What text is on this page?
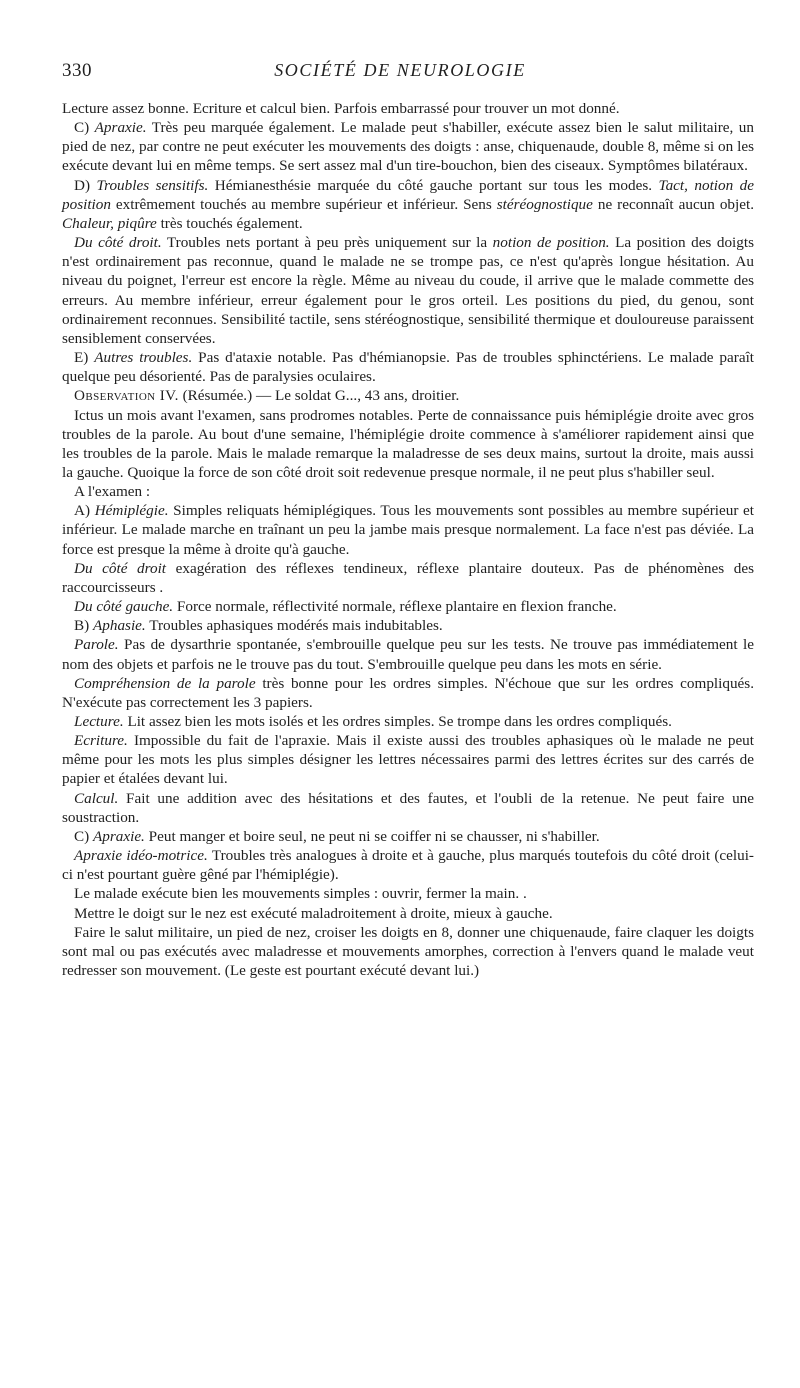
330	SOCIÉTÉ DE NEUROLOGIE

Lecture assez bonne. Ecriture et calcul bien. Parfois embarrassé pour trouver un mot donné.

C) Apraxie. Très peu marquée également. Le malade peut s'habiller, exécute assez bien le salut militaire, un pied de nez, par contre ne peut exécuter les mouvements des doigts : anse, chiquenaude, double 8, même si on les exécute devant lui en même temps. Se sert assez mal d'un tire-bouchon, bien des ciseaux. Symptômes bilatéraux.

D) Troubles sensitifs. Hémianesthésie marquée du côté gauche portant sur tous les modes. Tact, notion de position extrêmement touchés au membre supérieur et inférieur. Sens stéréognostique ne reconnaît aucun objet. Chaleur, piqûre très touchés également.

Du côté droit. Troubles nets portant à peu près uniquement sur la notion de position. La position des doigts n'est ordinairement pas reconnue, quand le malade ne se trompe pas, ce n'est qu'après longue hésitation. Au niveau du poignet, l'erreur est encore la règle. Même au niveau du coude, il arrive que le malade commette des erreurs. Au membre inférieur, erreur également pour le gros orteil. Les positions du pied, du genou, sont ordinairement reconnues. Sensibilité tactile, sens stéréognostique, sensibilité thermique et douloureuse paraissent sensiblement conservées.

E) Autres troubles. Pas d'ataxie notable. Pas d'hémianopsie. Pas de troubles sphinctériens. Le malade paraît quelque peu désorienté. Pas de paralysies oculaires.

Observation IV. (Résumée.) — Le soldat G..., 43 ans, droitier.

Ictus un mois avant l'examen, sans prodromes notables. Perte de connaissance puis hémiplégie droite avec gros troubles de la parole. Au bout d'une semaine, l'hémiplégie droite commence à s'améliorer rapidement ainsi que les troubles de la parole. Mais le malade remarque la maladresse de ses deux mains, surtout la droite, mais aussi la gauche. Quoique la force de son côté droit soit redevenue presque normale, il ne peut plus s'habiller seul.

A l'examen :

A) Hémiplégie. Simples reliquats hémiplégiques. Tous les mouvements sont possibles au membre supérieur et inférieur. Le malade marche en traînant un peu la jambe mais presque normalement. La face n'est pas déviée. La force est presque la même à droite qu'à gauche.

Du côté droit exagération des réflexes tendineux, réflexe plantaire douteux. Pas de phénomènes des raccourcisseurs .

Du côté gauche. Force normale, réflectivité normale, réflexe plantaire en flexion franche.

B) Aphasie. Troubles aphasiques modérés mais indubitables.

Parole. Pas de dysarthrie spontanée, s'embrouille quelque peu sur les tests. Ne trouve pas immédiatement le nom des objets et parfois ne le trouve pas du tout. S'embrouille quelque peu dans les mots en série.

Compréhension de la parole très bonne pour les ordres simples. N'échoue que sur les ordres compliqués. N'exécute pas correctement les 3 papiers.

Lecture. Lit assez bien les mots isolés et les ordres simples. Se trompe dans les ordres compliqués.

Ecriture. Impossible du fait de l'apraxie. Mais il existe aussi des troubles aphasiques où le malade ne peut même pour les mots les plus simples désigner les lettres nécessaires parmi des lettres écrites sur des carrés de papier et étalées devant lui.

Calcul. Fait une addition avec des hésitations et des fautes, et l'oubli de la retenue. Ne peut faire une soustraction.

C) Apraxie. Peut manger et boire seul, ne peut ni se coiffer ni se chausser, ni s'habiller.

Apraxie idéo-motrice. Troubles très analogues à droite et à gauche, plus marqués toutefois du côté droit (celui-ci n'est pourtant guère gêné par l'hémiplégie).

Le malade exécute bien les mouvements simples : ouvrir, fermer la main. .

Mettre le doigt sur le nez est exécuté maladroitement à droite, mieux à gauche.

Faire le salut militaire, un pied de nez, croiser les doigts en 8, donner une chiquenaude, faire claquer les doigts sont mal ou pas exécutés avec maladresse et mouvements amorphes, correction à l'envers quand le malade veut redresser son mouvement. (Le geste est pourtant exécuté devant lui.)
